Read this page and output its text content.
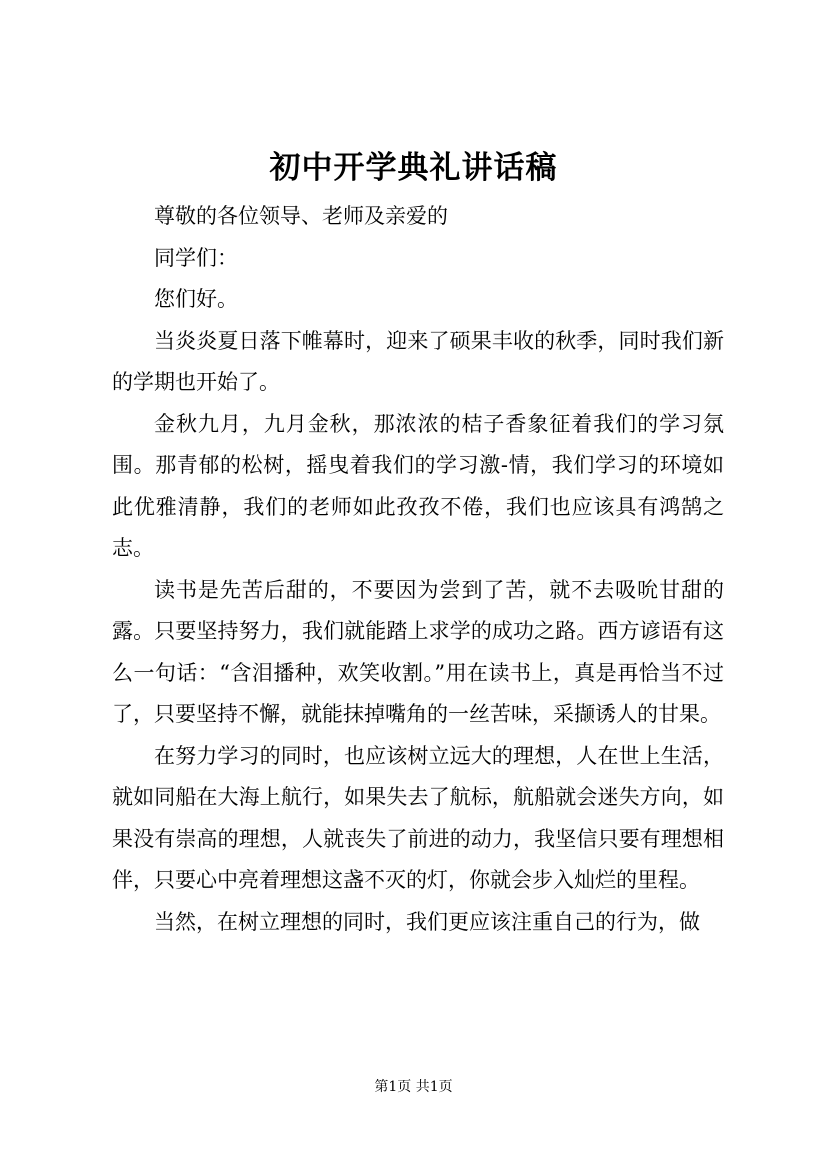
初中开学典礼讲话稿

尊敬的各位领导、老师及亲爱的

同学们：

您们好。

当炎炎夏日落下帷幕时，迎来了硕果丰收的秋季，同时我们新的学期也开始了。

金秋九月，九月金秋，那浓浓的桔子香象征着我们的学习氛围。那青郁的松树，摇曳着我们的学习激-情，我们学习的环境如此优雅清静，我们的老师如此孜孜不倦，我们也应该具有鸿鹄之志。

读书是先苦后甜的，不要因为尝到了苦，就不去吸吮甘甜的露。只要坚持努力，我们就能踏上求学的成功之路。西方谚语有这么一句话：“含泪播种，欢笑收割。”用在读书上，真是再恰当不过了，只要坚持不懈，就能抹掉嘴角的一丝苦味，采撷诱人的甘果。

在努力学习的同时，也应该树立远大的理想，人在世上生活，就如同船在大海上航行，如果失去了航标，航船就会迷失方向，如果没有崇高的理想，人就丧失了前进的动力，我坚信只要有理想相伴，只要心中亮着理想这盏不灭的灯，你就会步入灿烂的里程。

当然，在树立理想的同时，我们更应该注重自己的行为，做

第1页 共1页
